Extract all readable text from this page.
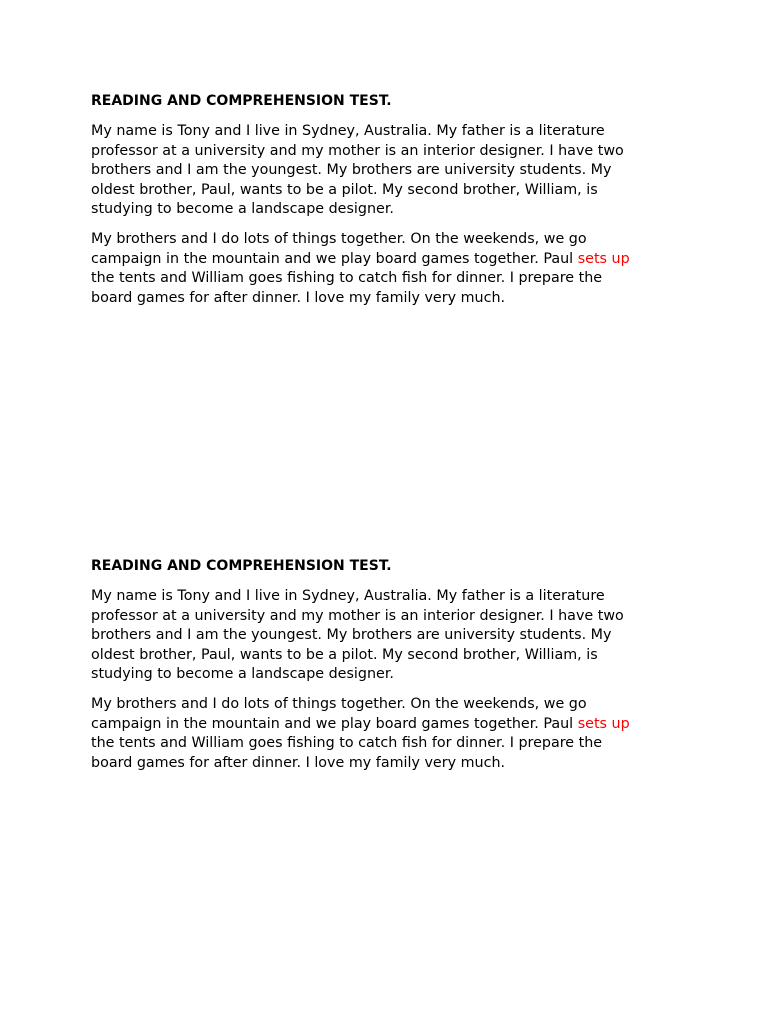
READING AND COMPREHENSION TEST.
My name is Tony and I live in Sydney, Australia. My father is a literature
professor at a university and my mother is an interior designer. I have two
brothers and I am the youngest. My brothers are university students. My
oldest brother, Paul, wants to be a pilot. My second brother, William, is
studying to become a landscape designer.
My brothers and I do lots of things together. On the weekends, we go
campaign in the mountain and we play board games together. Paul sets up
the tents and William goes fishing to catch fish for dinner. I prepare the
board games for after dinner. I love my family very much.
READING AND COMPREHENSION TEST.
My name is Tony and I live in Sydney, Australia. My father is a literature
professor at a university and my mother is an interior designer. I have two
brothers and I am the youngest. My brothers are university students. My
oldest brother, Paul, wants to be a pilot. My second brother, William, is
studying to become a landscape designer.
My brothers and I do lots of things together. On the weekends, we go
campaign in the mountain and we play board games together. Paul sets up
the tents and William goes fishing to catch fish for dinner. I prepare the
board games for after dinner. I love my family very much.
